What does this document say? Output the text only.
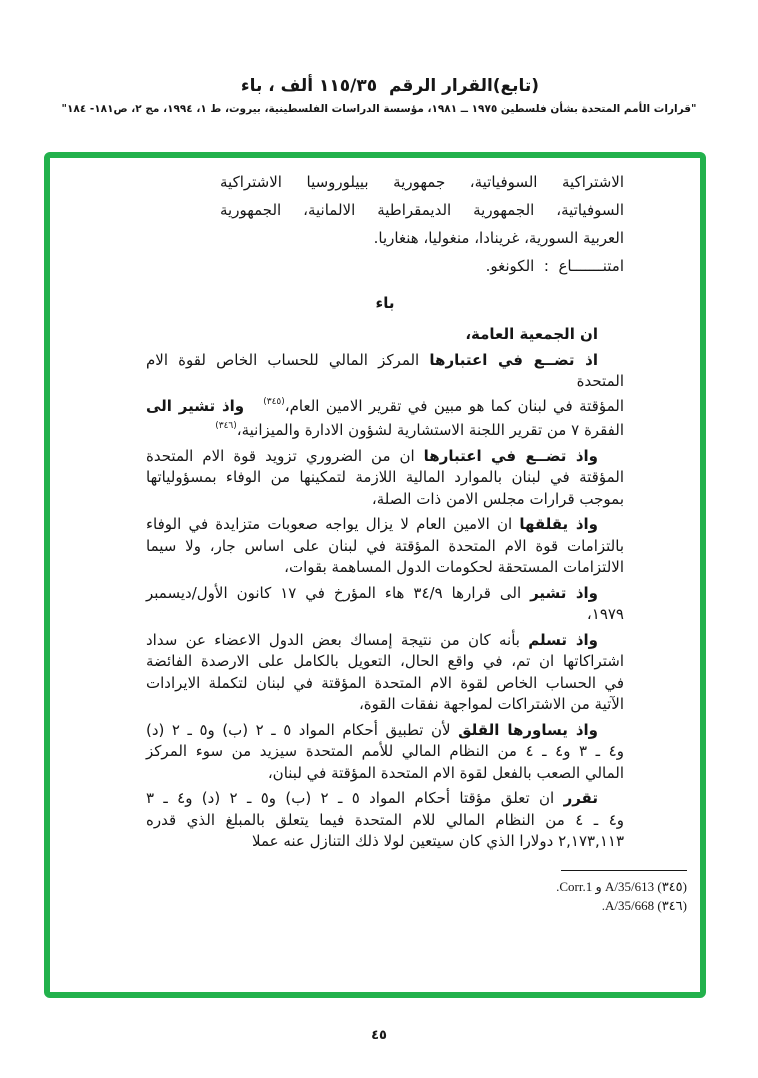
(تابع)القرار الرقم  ١١٥/٣٥ ألف ، باء
"قرارات الأمم المتحدة بشأن فلسطين ١٩٧٥ ــ ١٩٨١، مؤسسة الدراسات الفلسطينية، بيروت، ط ١، ١٩٩٤، مج ٢، ص١٨١- ١٨٤"
الاشتراكية السوفياتية، جمهورية بييلوروسيا الاشتراكية
السوفياتية، الجمهورية الديمقراطية الالمانية، الجمهورية
العربية السورية، غرينادا، منغوليا، هنغاريا.
امتنـــــــاع  :  الكونغو.
باء
ان الجمعية العامة،
اذ تضــع في اعتبارها المركز المالي للحساب الخاص لقوة الام المتحدة
المؤقتة في لبنان كما هو مبين في تقرير الامين العام،$^{(٣٤٥)}$   واذ تشير الى
الفقرة ٧ من تقرير اللجنة الاستشارية لشؤون الادارة والميزانية،$^{(٣٤٦)}$
واذ تضــع في اعتبارها ان من الضروري تزويد قوة الام المتحدة
المؤقتة في لبنان بالموارد المالية اللازمة لتمكينها من الوفاء بمسؤولياتها
بموجب قرارات مجلس الامن ذات الصلة،
واذ يقلقها ان الامين العام لا يزال يواجه صعوبات متزايدة في الوفاء
بالتزامات قوة الام المتحدة المؤقتة في لبنان على اساس جار، ولا سيما
الالتزامات المستحقة لحكومات الدول المساهمة بقوات،
واذ تشير الى قرارها ٣٤/٩ هاء المؤرخ في ١٧ كانون الأول/ديسمبر
١٩٧٩،
واذ تسلم بأنه كان من نتيجة إمساك بعض الدول الاعضاء عن سداد
اشتراكاتها ان تم، في واقع الحال، التعويل بالكامل على الارصدة الفائضة
في الحساب الخاص لقوة الام المتحدة المؤقتة في لبنان لتكملة الايرادات
الآتية من الاشتراكات لمواجهة نفقات القوة،
واذ يساورها القلق لأن تطبيق أحكام المواد ٥ ـ ٢ (ب) و٥ ـ ٢ (د)
و٤ ـ ٣ و٤ ـ ٤ من النظام المالي للأمم المتحدة سيزيد من سوء المركز
المالي الصعب بالفعل لقوة الام المتحدة المؤقتة في لبنان،
تقرر ان تعلق مؤقتا أحكام المواد ٥ ـ ٢ (ب) و٥ ـ ٢ (د) و٤ ـ ٣
و٤ ـ ٤ من النظام المالي للام المتحدة فيما يتعلق بالمبلغ الذي قدره
٢,١٧٣,١١٣ دولارا الذي كان سيتعين لولا ذلك التنازل عنه عملا
(٣٤٥) A/35/613 و Corr.1.
(٣٤٦) A/35/668.
٤٥
